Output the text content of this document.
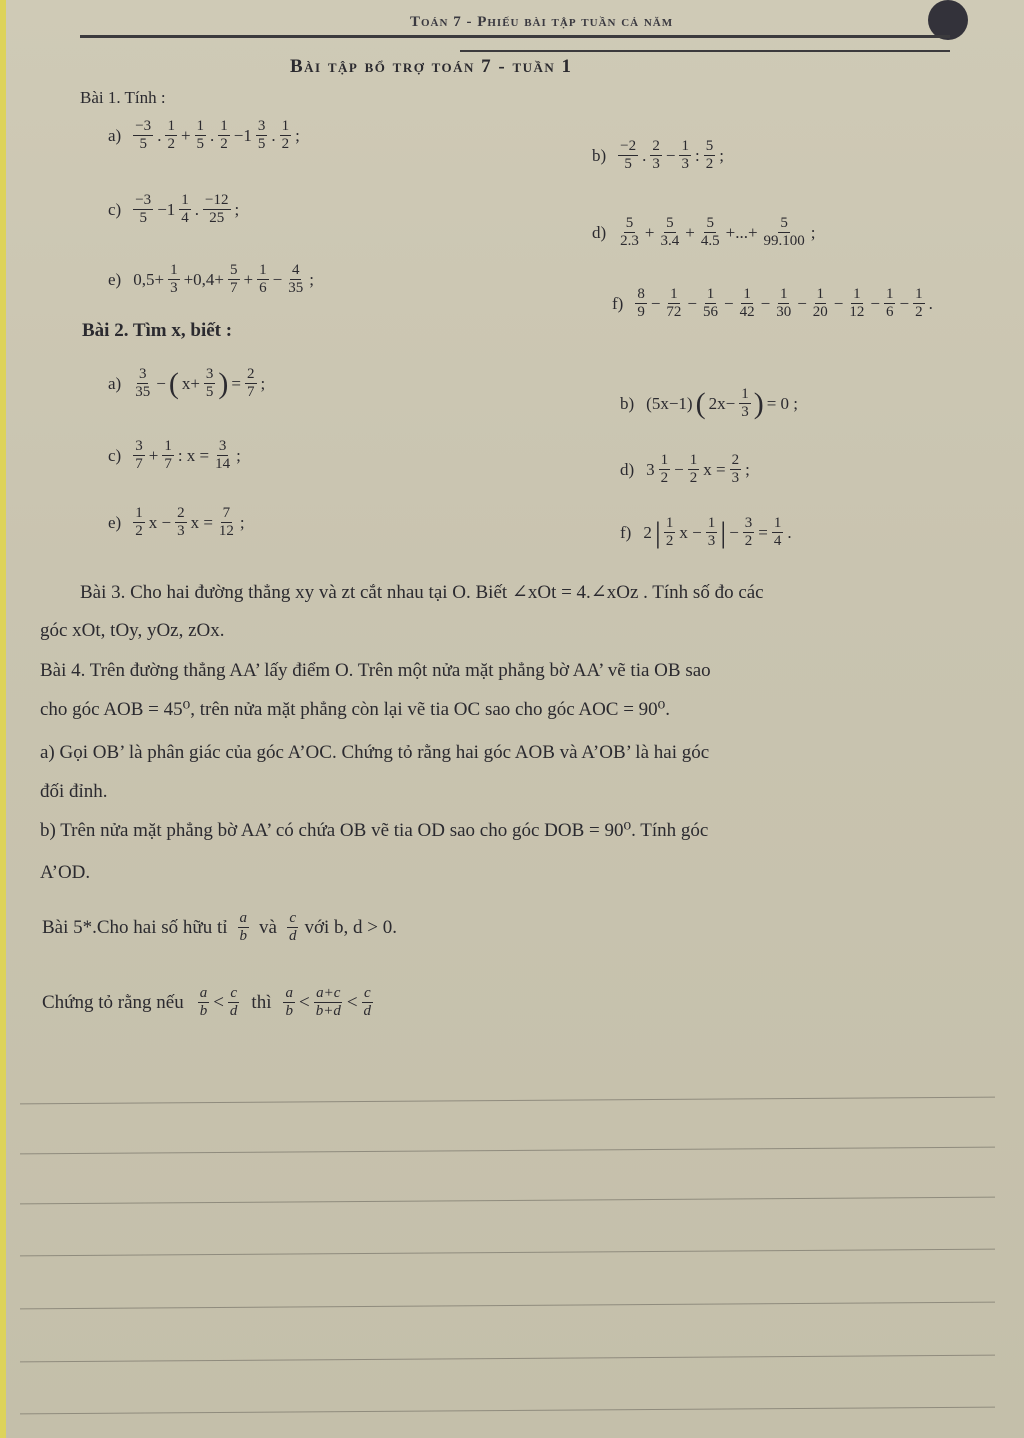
Toán 7 - Phiếu bài tập tuần cả năm
Bài tập bổ trợ toán 7 - tuần 1
Bài 1. Tính :
$a) \frac{-3}{5}$ . $\frac{1}{2} + \frac{1}{5}$ . $\frac{1}{2} -1 \frac{3}{5}$ . $\frac{1}{2}$ ;
$b) \frac{-2}{5}$ . $\frac{2}{3} - \frac{1}{3}$ : $\frac{5}{2}$ ;
$c) \frac{-3}{5} -1 \frac{1}{4}$ . $\frac{-12}{25}$ ;
$d) \frac{5}{2.3} + \frac{5}{3.4} + \frac{5}{4.5}$ +...+ $\frac{5}{99.100}$ ;
e) $0,5+ \frac{1}{3} +0,4+ \frac{5}{7} + \frac{1}{6} - \frac{4}{35}$ ;
$f) \frac{8}{9} - \frac{1}{72} - \frac{1}{56} - \frac{1}{42} - \frac{1}{30} - \frac{1}{20} - \frac{1}{12} - \frac{1}{6} - \frac{1}{2}$ .
Bài 2. Tìm x, biết :
$a) \frac{3}{35}$ − ( $x+ \frac{3}{5}$ ) = $\frac{2}{7}$ ;
b) (5x−1) ( $2x- \frac{1}{3}$ ) = 0 ;
$c) \frac{3}{7} + \frac{1}{7}$ : $x = \frac{3}{14}$ ;
d) $3 \frac{1}{2} - \frac{1}{2}$ $x = \frac{2}{3}$ ;
$e) \frac{1}{2}$ $x - \frac{2}{3}$ $x = \frac{7}{12}$ ;
f) 2 | $\frac{1}{2}$ $x - \frac{1}{3}$ | − $\frac{3}{2} = \frac{1}{4}$ .
Bài 3. Cho hai đường thẳng xy và zt cắt nhau tại O. Biết ∠xOt = 4.∠xOz . Tính số đo các
góc xOt, tOy, yOz, zOx.
Bài 4. Trên đường thẳng AA’ lấy điểm O. Trên một nửa mặt phẳng bờ AA’ vẽ tia OB sao
cho góc AOB = 45⁰, trên nửa mặt phẳng còn lại vẽ tia OC sao cho góc AOC = 90⁰.
a) Gọi OB’ là phân giác của góc A’OC. Chứng tỏ rằng hai góc AOB và A’OB’ là hai góc
đối đỉnh.
b) Trên nửa mặt phẳng bờ AA’ có chứa OB vẽ tia OD sao cho góc DOB = 90⁰. Tính góc
A’OD.
Bài 5*.Cho hai số hữu tỉ $\frac{a}{b}$ và $\frac{c}{d}$ với b, d > 0.
Chứng tỏ rằng nếu $\frac{a}{b} < \frac{c}{d}$ thì $\frac{a}{b} < \frac{a+c}{b+d} < \frac{c}{d}$
